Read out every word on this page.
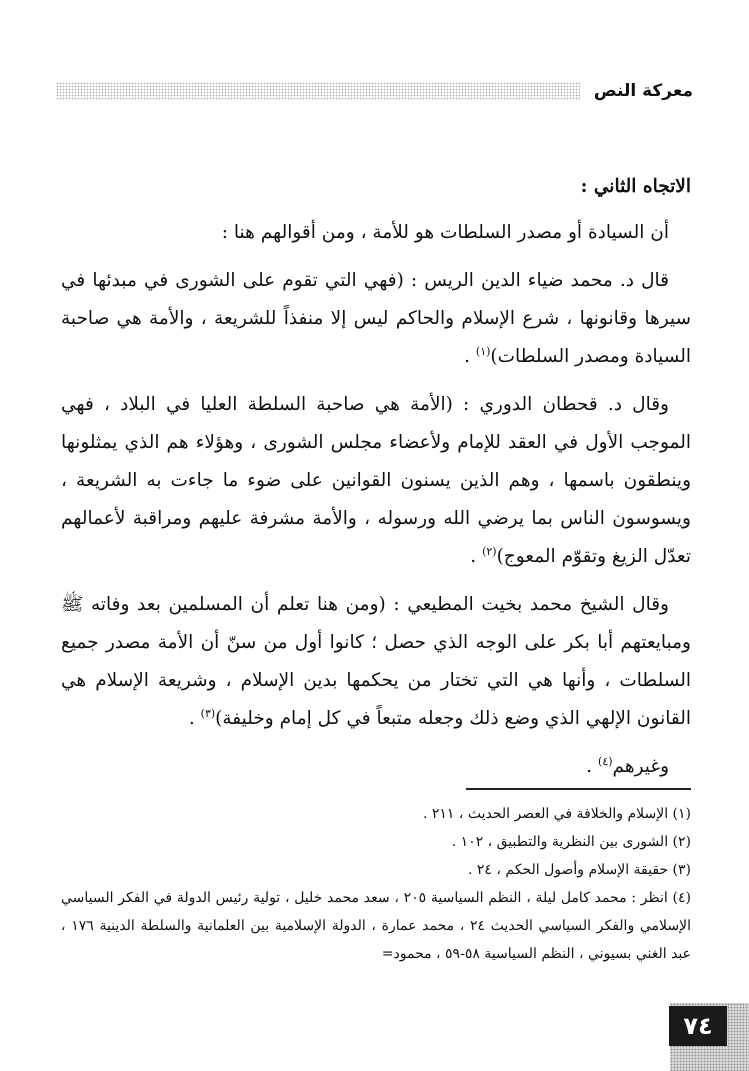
معركة النص

الاتجاه الثاني :

أن السيادة أو مصدر السلطات هو للأمة ، ومن أقوالهم هنا :

قال د. محمد ضياء الدين الريس : (فهي التي تقوم على الشورى في مبدئها في سيرها وقانونها ، شرع الإسلام والحاكم ليس إلا منفذاً للشريعة ، والأمة هي صاحبة السيادة ومصدر السلطات)$^{(١)}$ .

وقال د. قحطان الدوري : (الأمة هي صاحبة السلطة العليا في البلاد ، فهي الموجب الأول في العقد للإمام ولأعضاء مجلس الشورى ، وهؤلاء هم الذي يمثلونها وينطقون باسمها ، وهم الذين يسنون القوانين على ضوء ما جاءت به الشريعة ، ويسوسون الناس بما يرضي الله ورسوله ، والأمة مشرفة عليهم ومراقبة لأعمالهم تعدّل الزيغ وتقوّم المعوج)$^{(٢)}$ .

وقال الشيخ محمد بخيت المطيعي : (ومن هنا تعلم أن المسلمين بعد وفاته ﷺ ومبايعتهم أبا بكر على الوجه الذي حصل ؛ كانوا أول من سنّ أن الأمة مصدر جميع السلطات ، وأنها هي التي تختار من يحكمها بدين الإسلام ، وشريعة الإسلام هي القانون الإلهي الذي وضع ذلك وجعله متبعاً في كل إمام وخليفة)$^{(٣)}$ .

وغيرهم$^{(٤)}$ .

(١) الإسلام والخلافة في العصر الحديث ، ٢١١ .

(٢) الشورى بين النظرية والتطبيق ، ١٠٢ .

(٣) حقيقة الإسلام وأصول الحكم ، ٢٤ .

(٤) انظر : محمد كامل ليلة ، النظم السياسية ٢٠٥ ، سعد محمد خليل ، تولية رئيس الدولة في الفكر السياسي الإسلامي والفكر السياسي الحديث ٢٤ ، محمد عمارة ، الدولة الإسلامية بين العلمانية والسلطة الدينية ١٧٦ ، عبد الغني بسيوني ، النظم السياسية ٥٨-٥٩ ، محمود=

٧٤
